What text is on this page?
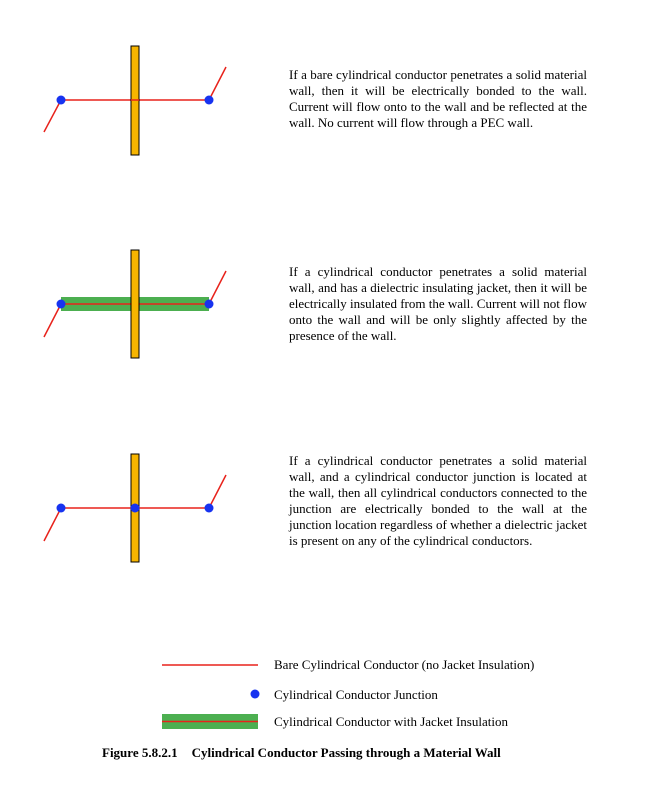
If a bare cylindrical conductor penetrates a solid material wall, then it will be electrically bonded to the wall. Current will flow onto to the wall and be reflected at the wall. No current will flow through a PEC wall.

If a cylindrical conductor penetrates a solid material wall, and has a dielectric insulating jacket, then it will be electrically insulated from the wall. Current will not flow onto the wall and will be only slightly affected by the presence of the wall.

If a cylindrical conductor penetrates a solid material wall, and a cylindrical conductor junction is located at the wall, then all cylindrical conductors connected to the junction are electrically bonded to the wall at the junction location regardless of whether a dielectric jacket is present on any of the cylindrical conductors.

Bare Cylindrical Conductor (no Jacket Insulation)
Cylindrical Conductor Junction
Cylindrical Conductor with Jacket Insulation
Figure 5.8.2.1 Cylindrical Conductor Passing through a Material Wall
